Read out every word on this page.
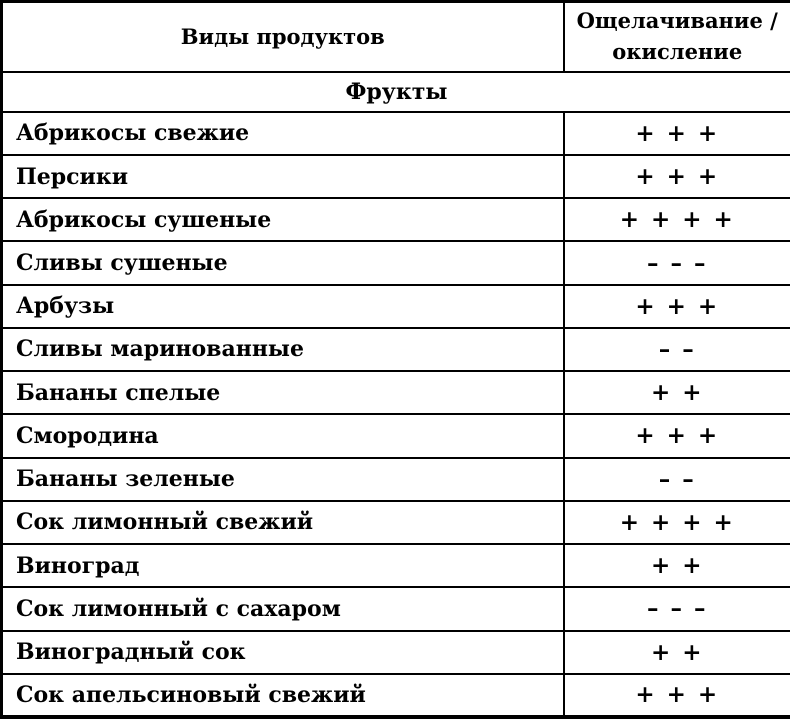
Виды продуктов	Ощелачивание / окисление
Фрукты	
Абрикосы свежие	+ + +
Персики	+ + +
Абрикосы сушеные	+ + + +
Сливы сушеные	– – –
Арбузы	+ + +
Сливы маринованные	– –
Бананы спелые	+ +
Смородина	+ + +
Бананы зеленые	– –
Сок лимонный свежий	+ + + +
Виноград	+ +
Сок лимонный с сахаром	– – –
Виноградный сок	+ +
Сок апельсиновый свежий	+ + +
